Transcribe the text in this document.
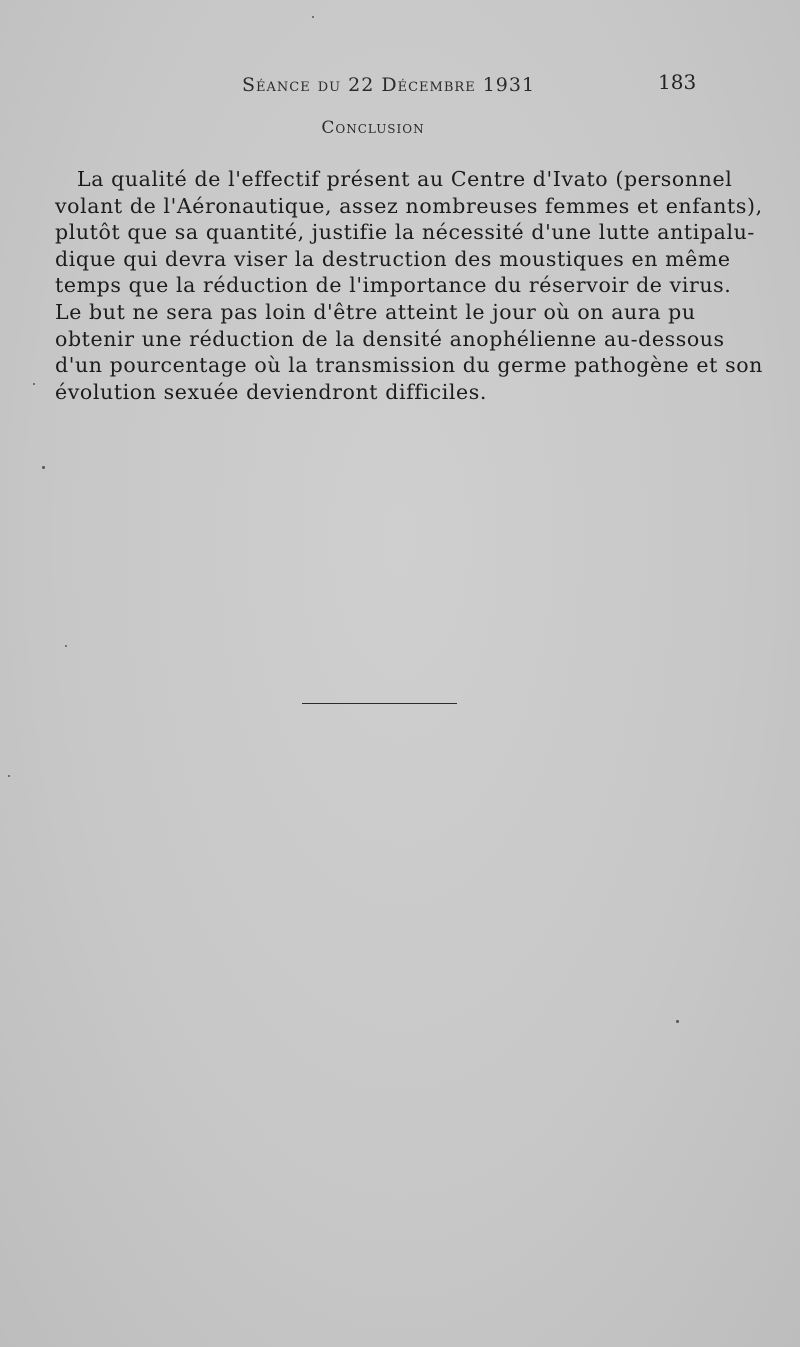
Séance du 22 Décembre 1931	183
Conclusion
La qualité de l'effectif présent au Centre d'Ivato (personnel
volant de l'Aéronautique, assez nombreuses femmes et enfants),
plutôt que sa quantité, justifie la nécessité d'une lutte antipalu-
dique qui devra viser la destruction des moustiques en même
temps que la réduction de l'importance du réservoir de virus.
Le but ne sera pas loin d'être atteint le jour où on aura pu
obtenir une réduction de la densité anophélienne au-dessous
d'un pourcentage où la transmission du germe pathogène et son
évolution sexuée deviendront difficiles.
